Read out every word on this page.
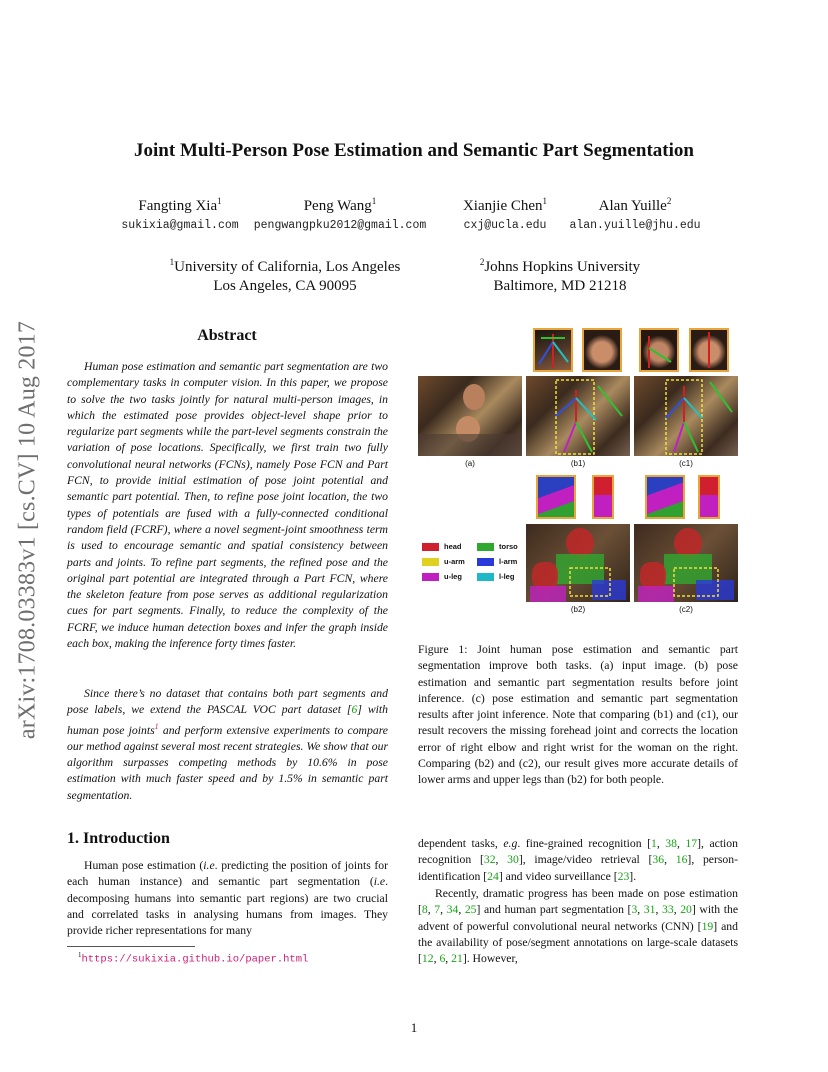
arXiv:1708.03383v1 [cs.CV] 10 Aug 2017
Joint Multi-Person Pose Estimation and Semantic Part Segmentation
Fangting Xia$^1$
sukixia@gmail.com
Peng Wang$^1$
pengwangpku2012@gmail.com
Xianjie Chen$^1$
cxj@ucla.edu
Alan Yuille$^2$
alan.yuille@jhu.edu
$^1$University of California, Los Angeles
Los Angeles, CA 90095
$^2$Johns Hopkins University
Baltimore, MD 21218
Abstract
Human pose estimation and semantic part segmentation are two complementary tasks in computer vision. In this paper, we propose to solve the two tasks jointly for natural multi-person images, in which the estimated pose provides object-level shape prior to regularize part segments while the part-level segments constrain the variation of pose locations. Specifically, we first train two fully convolutional neural networks (FCNs), namely Pose FCN and Part FCN, to provide initial estimation of pose joint potential and semantic part potential. Then, to refine pose joint location, the two types of potentials are fused with a fully-connected conditional random field (FCRF), where a novel segment-joint smoothness term is used to encourage semantic and spatial consistency between parts and joints. To refine part segments, the refined pose and the original part potential are integrated through a Part FCN, where the skeleton feature from pose serves as additional regularization cues for part segments. Finally, to reduce the complexity of the FCRF, we induce human detection boxes and infer the graph inside each box, making the inference forty times faster.
Since there’s no dataset that contains both part segments and pose labels, we extend the PASCAL VOC part dataset [6] with human pose joints$^1$ and perform extensive experiments to compare our method against several most recent strategies. We show that our algorithm surpasses competing methods by 10.6% in pose estimation with much faster speed and by 1.5% in semantic part segmentation.
1. Introduction
Human pose estimation (i.e. predicting the position of joints for each human instance) and semantic part segmentation (i.e. decomposing humans into semantic part regions) are two crucial and correlated tasks in analysing humans from images. They provide richer representations for many
$^1$https://sukixia.github.io/paper.html
dependent tasks, e.g. fine-grained recognition [1, 38, 17], action recognition [32, 30], image/video retrieval [36, 16], person-identification [24] and video surveillance [23].
Recently, dramatic progress has been made on pose estimation [8, 7, 34, 25] and human part segmentation [3, 31, 33, 20] with the advent of powerful convolutional neural networks (CNN) [19] and the availability of pose/segment annotations on large-scale datasets [12, 6, 21]. However,
(a)	(b1)	(c1)
head	torso
u-arm	l-arm
u-leg	l-leg
(b2)	(c2)
Figure 1: Joint human pose estimation and semantic part segmentation improve both tasks. (a) input image. (b) pose estimation and semantic part segmentation results before joint inference. (c) pose estimation and semantic part segmentation results after joint inference. Note that comparing (b1) and (c1), our result recovers the missing forehead joint and corrects the location error of right elbow and right wrist for the woman on the right. Comparing (b2) and (c2), our result gives more accurate details of lower arms and upper legs than (b2) for both people.
1
